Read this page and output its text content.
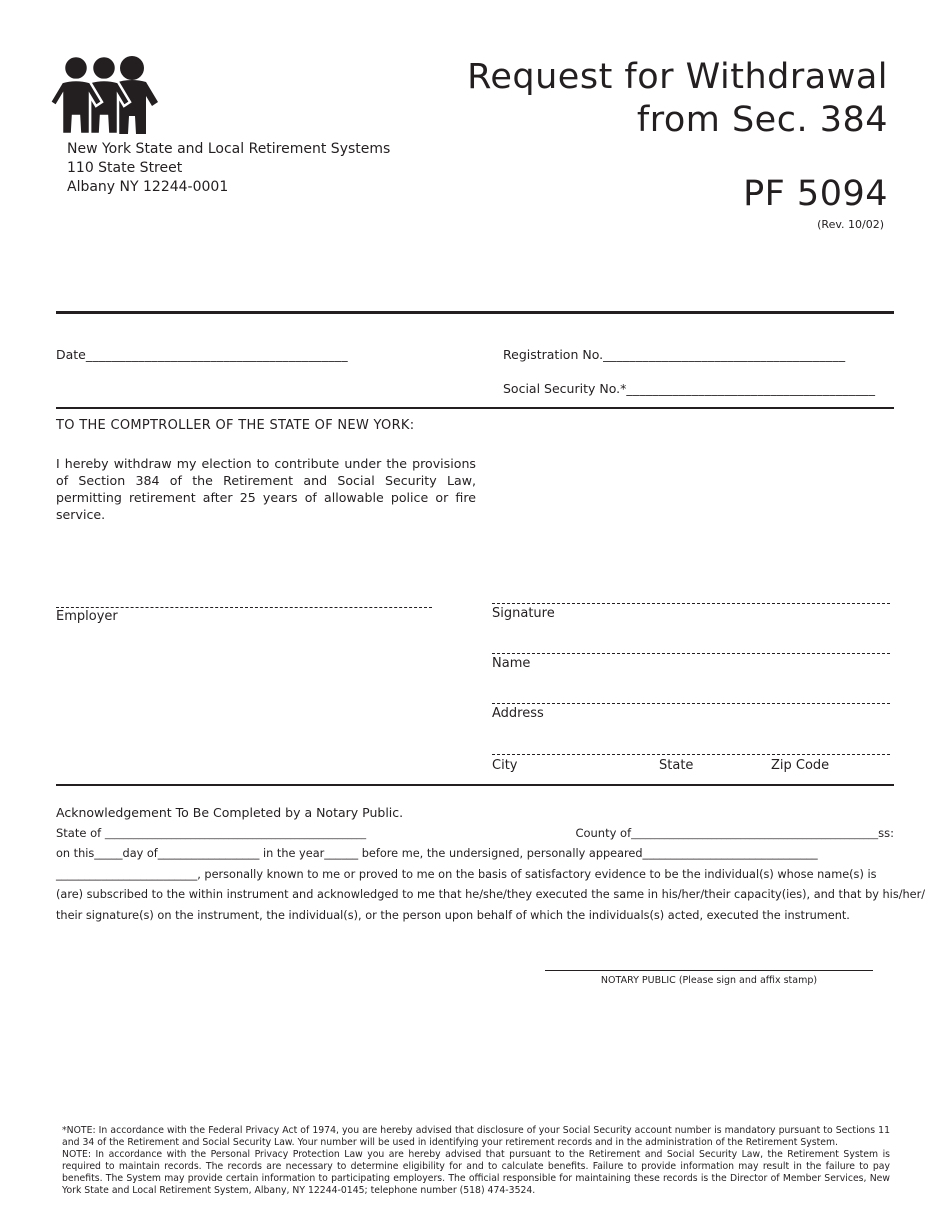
New York State and Local Retirement Systems
110 State Street
Albany NY 12244-0001
Request for Withdrawal
from Sec. 384
PF 5094
(Rev. 10/02)
Date________________________________________	Registration No._____________________________________
Social Security No.*______________________________________
TO THE COMPTROLLER OF THE STATE OF NEW YORK:
I hereby withdraw my election to contribute under the provisions of Section 384 of the Retirement and Social Security Law, permitting retirement after 25 years of allowable police or fire service.
Employer	Signature
Name
Address
City	State	Zip Code
Acknowledgement To Be Completed by a Notary Public.
State of _______________________________________________________	County of____________________________________________________ss:
on this_____day of__________________ in the year______ before me, the undersigned, personally appeared_______________________________
_________________________, personally known to me or proved to me on the basis of satisfactory evidence to be the individual(s) whose name(s) is
(are) subscribed to the within instrument and acknowledged to me that he/she/they executed the same in his/her/their capacity(ies), and that by his/her/
their signature(s) on the instrument, the individual(s), or the person upon behalf of which the individuals(s) acted, executed the instrument.
NOTARY PUBLIC (Please sign and affix stamp)
*NOTE: In accordance with the Federal Privacy Act of 1974, you are hereby advised that disclosure of your Social Security account number is mandatory pursuant to Sections 11 and 34 of the Retirement and Social Security Law. Your number will be used in identifying your retirement records and in the administration of the Retirement System.
NOTE: In accordance with the Personal Privacy Protection Law you are hereby advised that pursuant to the Retirement and Social Security Law, the Retirement System is required to maintain records. The records are necessary to determine eligibility for and to calculate benefits. Failure to provide information may result in the failure to pay benefits. The System may provide certain information to participating employers. The official responsible for maintaining these records is the Director of Member Services, New York State and Local Retirement System, Albany, NY 12244-0145; telephone number (518) 474-3524.
